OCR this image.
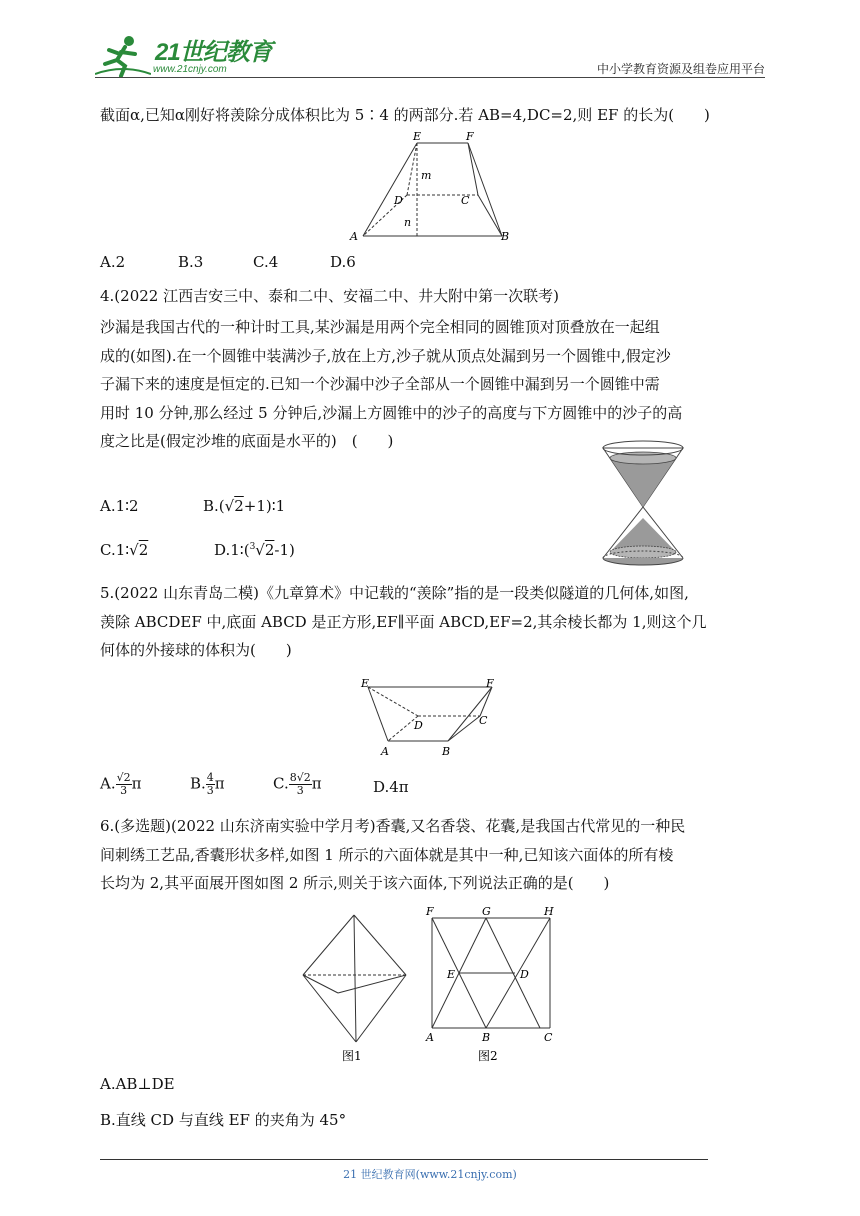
21世纪教育
www.21cnjy.com	中小学教育资源及组卷应用平台
截面α,已知α刚好将羡除分成体积比为 5∶4 的两部分.若 AB=4,DC=2,则 EF 的长为(　　)
E	F
m
D	C
n
A	B
A.2	B.3	C.4	D.6
4.(2022 江西吉安三中、泰和二中、安福二中、井大附中第一次联考)
沙漏是我国古代的一种计时工具,某沙漏是用两个完全相同的圆锥顶对顶叠放在一起组
成的(如图).在一个圆锥中装满沙子,放在上方,沙子就从顶点处漏到另一个圆锥中,假定沙
子漏下来的速度是恒定的.已知一个沙漏中沙子全部从一个圆锥中漏到另一个圆锥中需
用时 10 分钟,那么经过 5 分钟后,沙漏上方圆锥中的沙子的高度与下方圆锥中的沙子的高
度之比是(假定沙堆的底面是水平的)　(　　)
A.1∶2	B.(√2+1)∶1
C.1∶√2	D.1∶($^3$√2-1)
5.(2022 山东青岛二模)《九章算术》中记载的“羡除”指的是一段类似隧道的几何体,如图,
羡除 ABCDEF 中,底面 ABCD 是正方形,EF∥平面 ABCD,EF=2,其余棱长都为 1,则这个几
何体的外接球的体积为(　　)
E	F
D	C
A	B
A. $\frac{√2}{3}$ π	B. $\frac{4}{3}$ π	C. $\frac{8√2}{3}$ π	D.4π
6.(多选题)(2022 山东济南实验中学月考)香囊,又名香袋、花囊,是我国古代常见的一种民
间刺绣工艺品,香囊形状多样,如图 1 所示的六面体就是其中一种,已知该六面体的所有棱
长均为 2,其平面展开图如图 2 所示,则关于该六面体,下列说法正确的是(　　)
图1
F	G	H
E	D
A	B	C
图2
A.AB⊥DE
B.直线 CD 与直线 EF 的夹角为 45°
21 世纪教育网(www.21cnjy.com)
